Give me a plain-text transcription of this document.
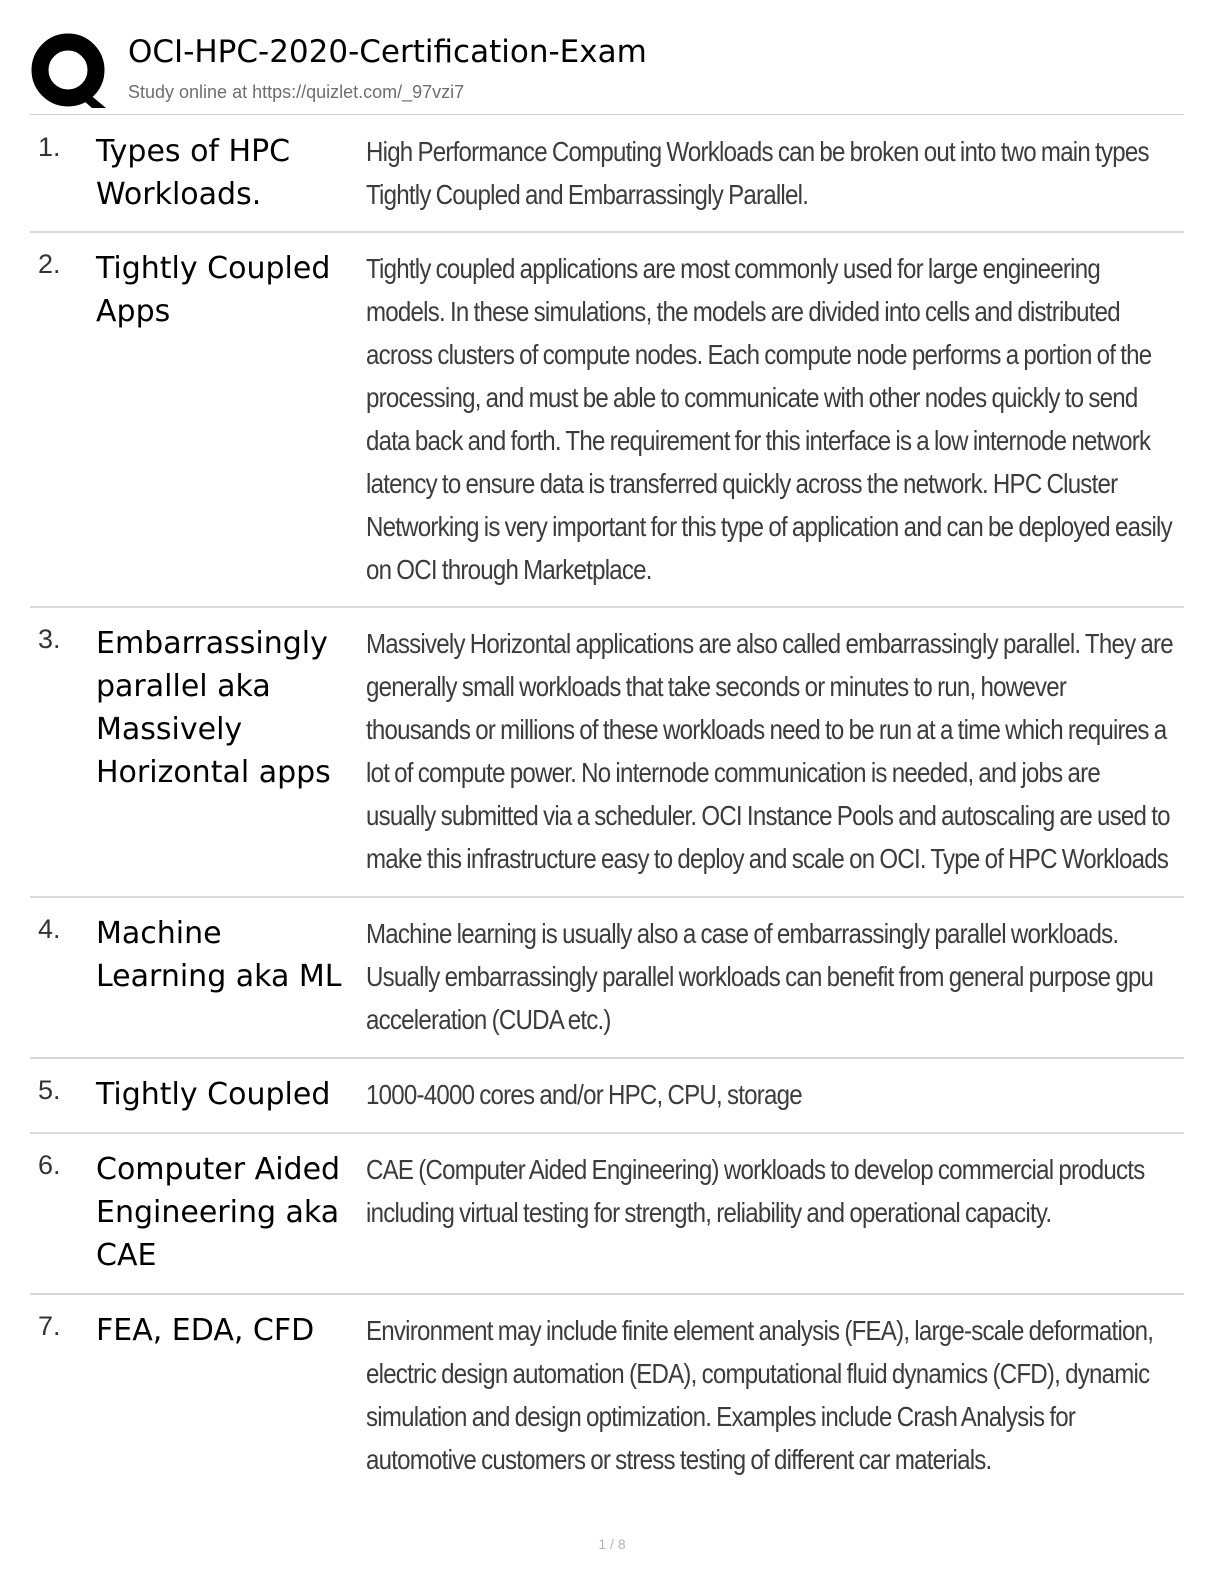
OCI-HPC-2020-Certification-Exam
Study online at https://quizlet.com/_97vzi7
1. Types of HPC Workloads.
High Performance Computing Workloads can be broken out into two main types Tightly Coupled and Embarrassingly Parallel.
2. Tightly Coupled Apps
Tightly coupled applications are most commonly used for large engineering models. In these simulations, the models are divided into cells and distributed across clusters of compute nodes. Each compute node performs a portion of the processing, and must be able to communicate with other nodes quickly to send data back and forth. The requirement for this interface is a low internode network latency to ensure data is transferred quickly across the network. HPC Cluster Networking is very important for this type of application and can be deployed easily on OCI through Marketplace.
3. Embarrassingly parallel aka Massively Horizontal apps
Massively Horizontal applications are also called embarrassingly parallel. They are generally small workloads that take seconds or minutes to run, however thousands or millions of these workloads need to be run at a time which requires a lot of compute power. No internode communication is needed, and jobs are usually submitted via a scheduler. OCI Instance Pools and autoscaling are used to make this infrastructure easy to deploy and scale on OCI. Type of HPC Workloads
4. Machine Learning aka ML
Machine learning is usually also a case of embarrassingly parallel workloads. Usually embarrassingly parallel workloads can benefit from general purpose gpu acceleration (CUDA etc.)
5. Tightly Coupled 1000-4000 cores and/or HPC, CPU, storage
6. Computer Aided Engineering aka CAE
CAE (Computer Aided Engineering) workloads to develop commercial products including virtual testing for strength, reliability and operational capacity.
7. FEA, EDA, CFD Environment may include finite element analysis (FEA), large-scale deformation, electric design automation (EDA), computational fluid dynamics (CFD), dynamic simulation and design optimization. Examples include Crash Analysis for automotive customers or stress testing of different car materials.
1 / 8
